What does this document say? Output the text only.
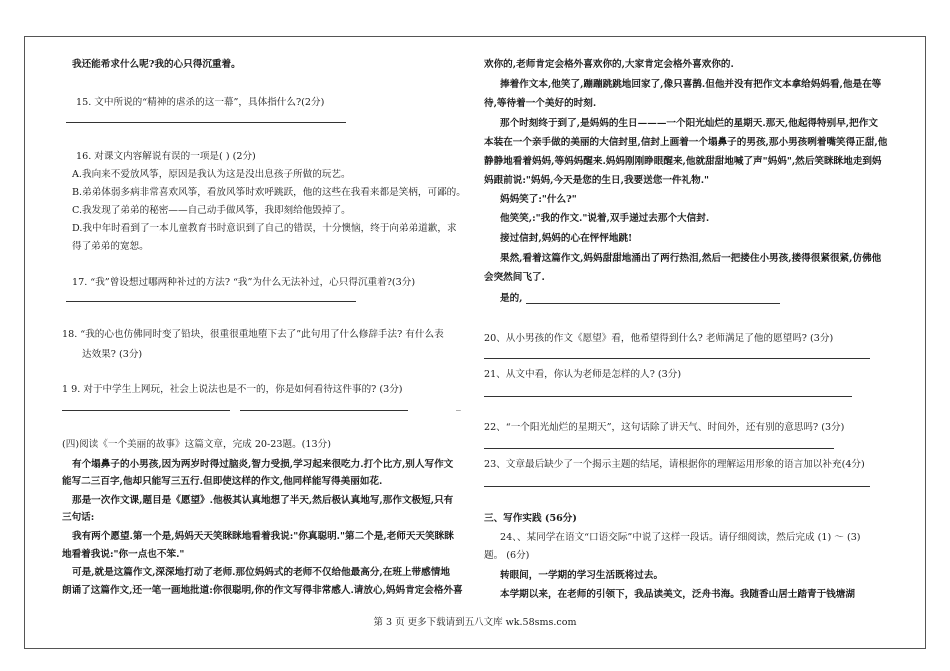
我还能希求什么呢?我的心只得沉重着。
15. 文中所说的“精神的虐杀的这一幕”，具体指什么?(2分)
16. 对课文内容解说有误的一项是( ) (2分)
A.我向来不爱放风筝，原因是我认为这是没出息孩子所做的玩艺。
B.弟弟体弱多病非常喜欢风筝，看放风筝时欢呼跳跃，他的这些在我看来都是笑柄，可鄙的。
C.我发现了弟弟的秘密——自己动手做风筝，我即刻给他毁掉了。
D.我中年时看到了一本儿童教育书时意识到了自己的错误，十分懊恼，终于向弟弟道歉，求
得了弟弟的宽恕。
17. “我”曾设想过哪两种补过的方法? “我”为什么无法补过，心只得沉重着?(3分)
18. “我的心也仿佛同时变了铅块，很重很重地堕下去了”此句用了什么修辞手法? 有什么表
达效果? (3分)
1 9. 对于中学生上网玩，社会上说法也是不一的，你是如何看待这件事的? (3分)
_
(四)阅读《一个美丽的故事》这篇文章，完成 20-23题。(13分)
有个塌鼻子的小男孩,因为两岁时得过脑炎,智力受损,学习起来很吃力.打个比方,别人写作文
能写二三百字,他却只能写三五行.但即使这样的作文,他同样能写得美丽如花.
那是一次作文课,题目是《愿望》.他极其认真地想了半天,然后极认真地写,那作文极短,只有
三句话:
我有两个愿望.第一个是,妈妈天天笑眯眯地看着我说:"你真聪明."第二个是,老师天天笑眯眯
地看着我说:"你一点也不笨."
可是,就是这篇作文,深深地打动了老师.那位妈妈式的老师不仅给他最高分,在班上带感情地
朗诵了这篇作文,还一笔一画地批道:你很聪明,你的作文写得非常感人.请放心,妈妈肯定会格外喜
欢你的,老师肯定会格外喜欢你的,大家肯定会格外喜欢你的.
捧着作文本,他笑了,蹦蹦跳跳地回家了,像只喜鹊.但他并没有把作文本拿给妈妈看,他是在等
待,等待着一个美好的时刻.
那个时刻终于到了,是妈妈的生日———一个阳光灿烂的星期天.那天,他起得特别早,把作文
本装在一个亲手做的美丽的大信封里,信封上画着一个塌鼻子的男孩,那小男孩咧着嘴笑得正甜,他
静静地看着妈妈,等妈妈醒来.妈妈刚刚睁眼醒来,他就甜甜地喊了声"妈妈",然后笑眯眯地走到妈
妈跟前说:"妈妈,今天是您的生日,我要送您一件礼物."
妈妈笑了:"什么?"
他笑笑,:"我的作文."说着,双手递过去那个大信封.
接过信封,妈妈的心在怦怦地跳!
果然,看着这篇作文,妈妈甜甜地涌出了两行热泪,然后一把搂住小男孩,搂得很紧很紧,仿佛他
会突然间飞了.
是的,
20、从小男孩的作文《愿望》看，他希望得到什么? 老师满足了他的愿望吗? (3分)
21、从文中看，你认为老师是怎样的人? (3分)
22、“一个阳光灿烂的星期天”，这句话除了讲天气、时间外，还有别的意思吗? (3分)
23、文章最后缺少了一个揭示主题的结尾，请根据你的理解运用形象的语言加以补充(4分)
三、写作实践 (56分)
24、、某同学在语文“口语交际”中说了这样一段话。请仔细阅读，然后完成 (1) ～ (3)
题。 (6分)
转眼间，一学期的学习生活既将过去。
本学期以来，在老师的引领下，我品读美文，泛舟书海。我随香山居士踏青于钱塘湖
第 3 页 更多下载请到五八文库 wk.58sms.com
